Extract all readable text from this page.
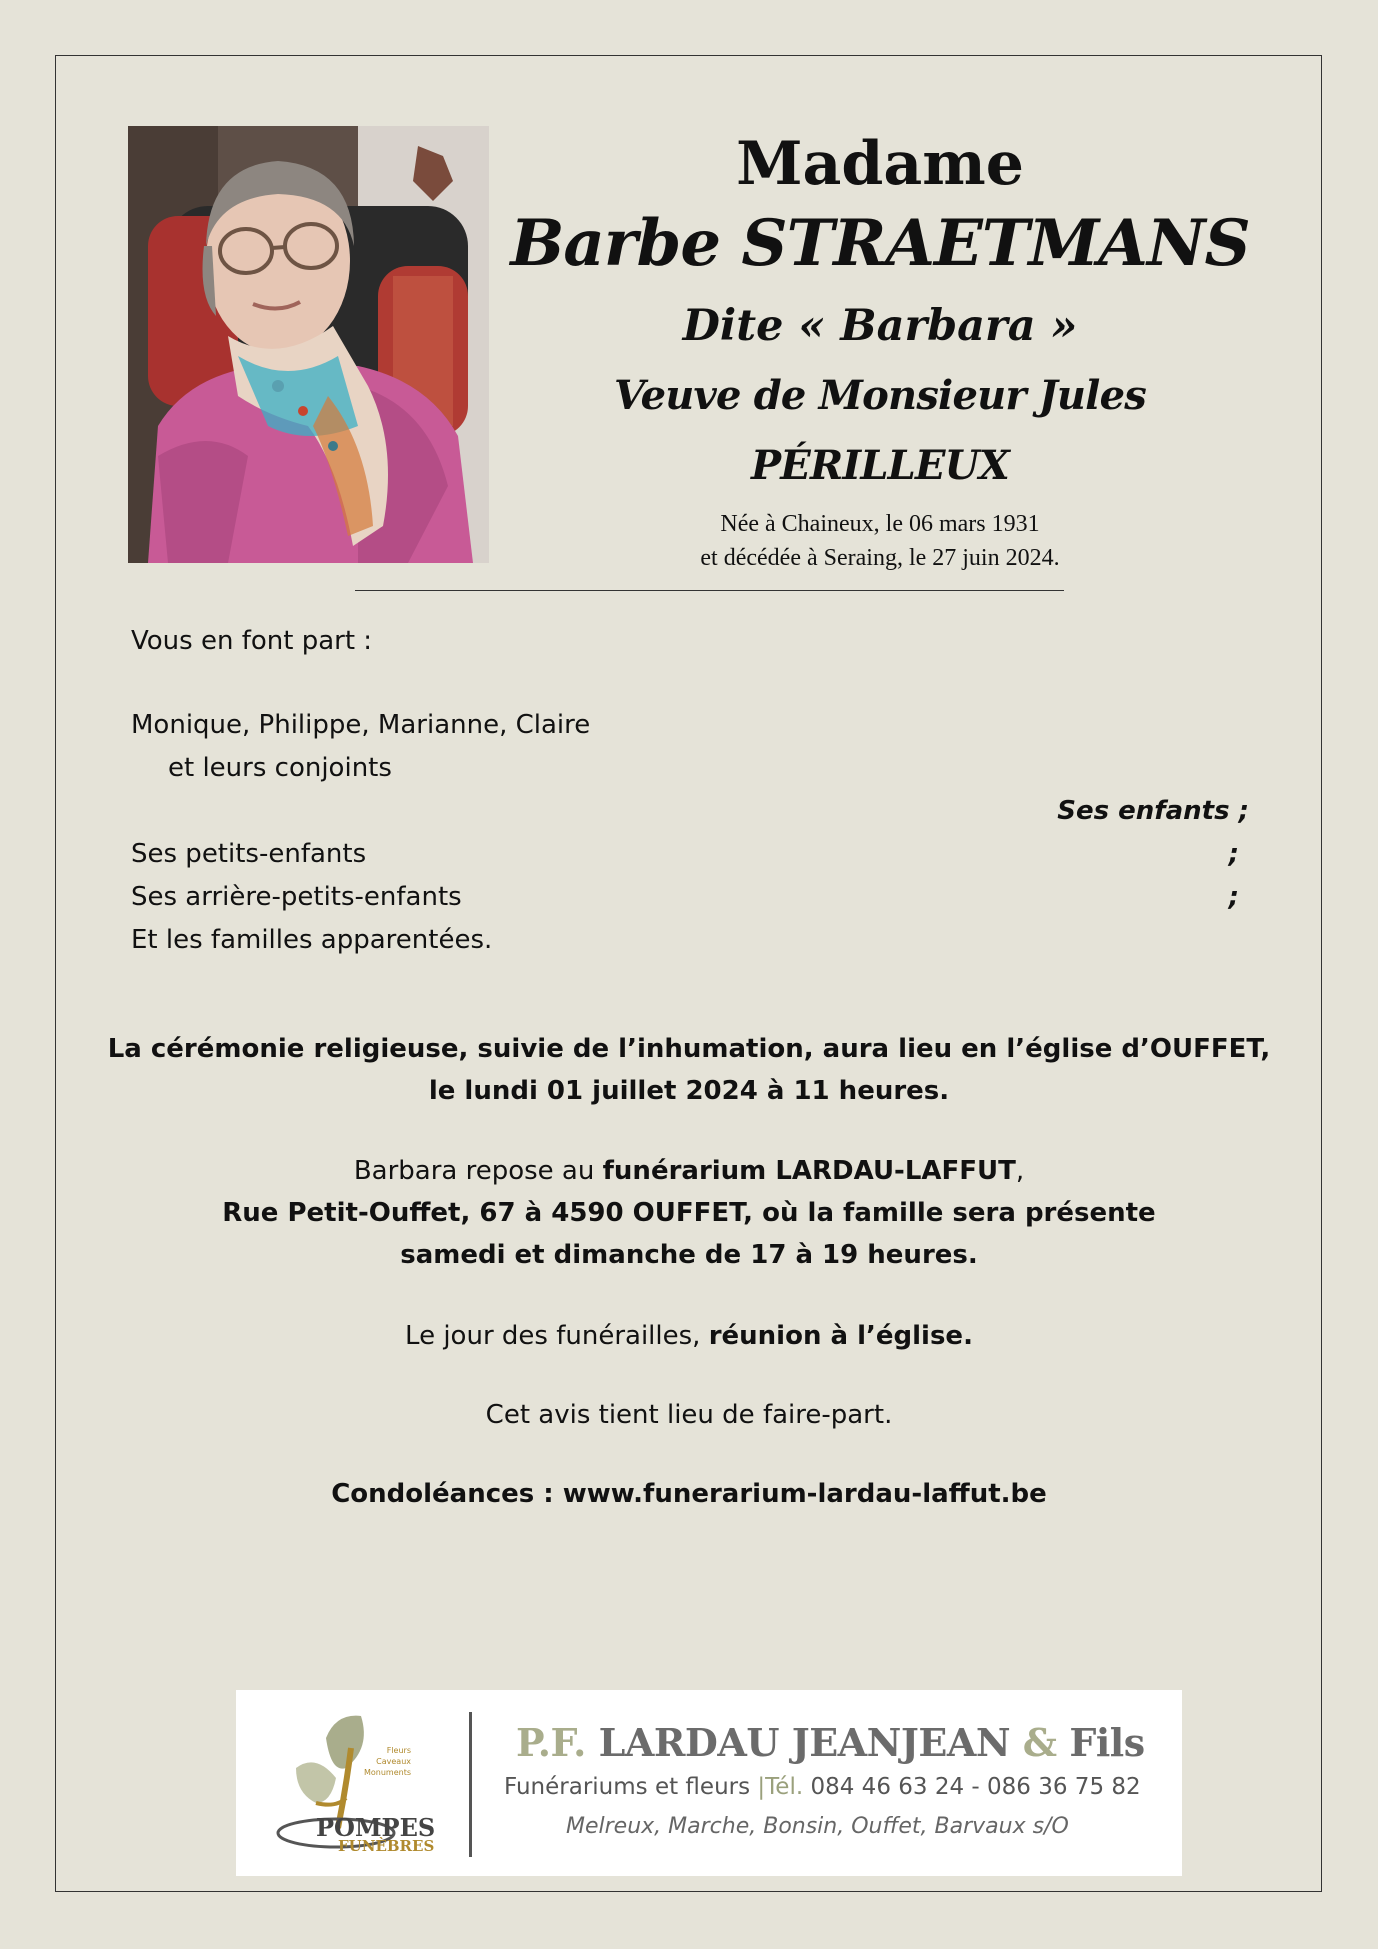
Madame

Barbe STRAETMANS

Dite « Barbara »

Veuve de Monsieur Jules PÉRILLEUX

Née à Chaineux, le 06 mars 1931
et décédée à Seraing, le 27 juin 2024.

Vous en font part :
Monique, Philippe, Marianne, Claire
et leurs conjoints
Ses enfants ;
Ses petits-enfants	;
Ses arrière-petits-enfants	;
Et les familles apparentées.
La cérémonie religieuse, suivie de l’inhumation, aura lieu en l’église d’OUFFET,
le lundi 01 juillet 2024 à 11 heures.
Barbara repose au funérarium LARDAU-LAFFUT,
Rue Petit-Ouffet, 67 à 4590 OUFFET, où la famille sera présente
samedi et dimanche de 17 à 19 heures.
Le jour des funérailles, réunion à l’église.
Cet avis tient lieu de faire-part.
Condoléances : www.funerarium-lardau-laffut.be
Fleurs
Caveaux
Monuments
POMPES
FUNÈBRES
P.F. LARDAU JEANJEAN & Fils
Funérariums et fleurs |Tél. 084 46 63 24 - 086 36 75 82
Melreux, Marche, Bonsin, Ouffet, Barvaux s/O
